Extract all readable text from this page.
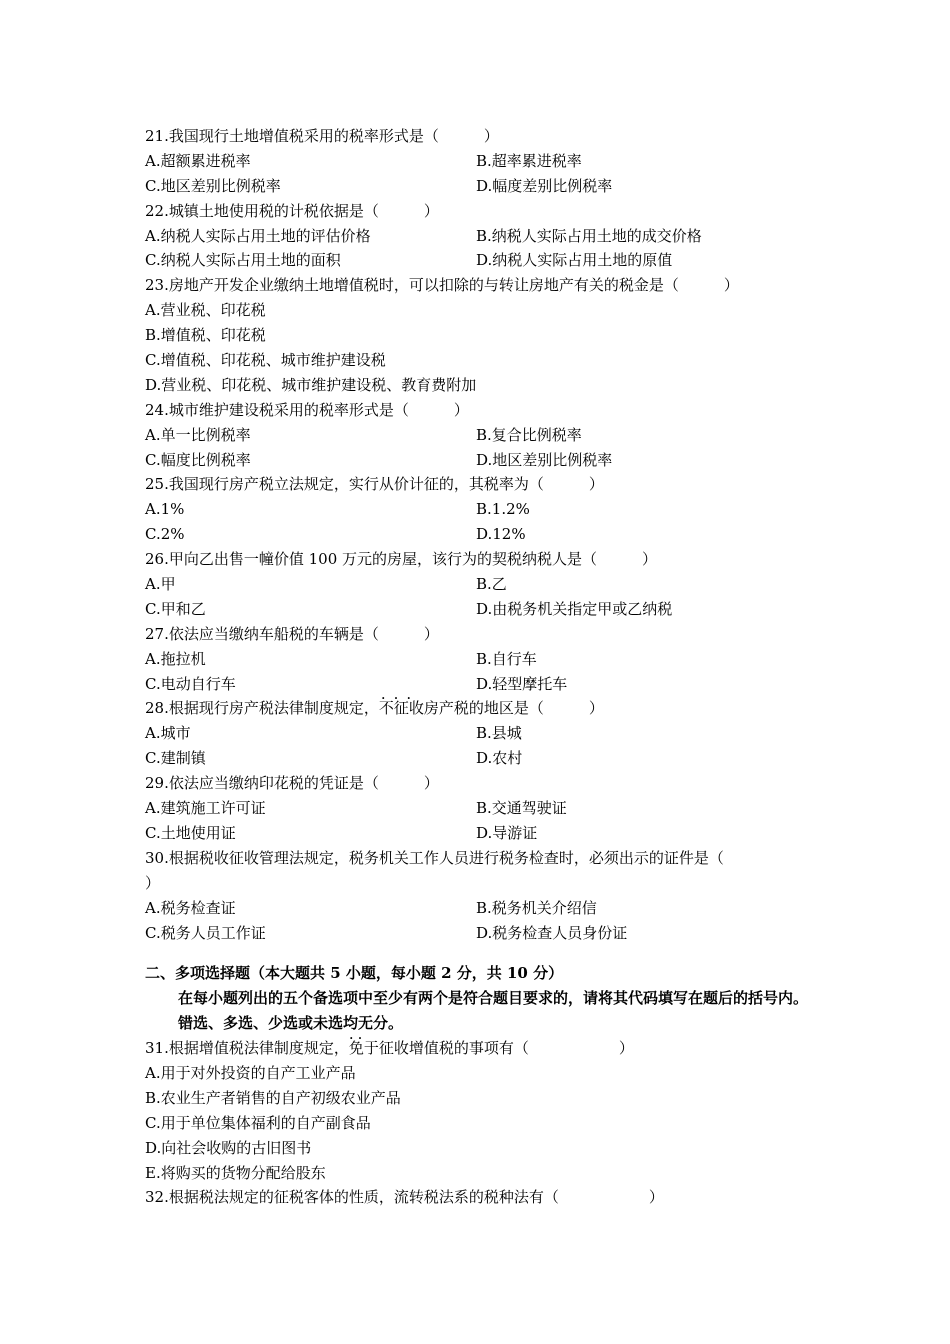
21.我国现行土地增值税采用的税率形式是（　　　）
A.超额累进税率	B.超率累进税率
C.地区差别比例税率	D.幅度差别比例税率
22.城镇土地使用税的计税依据是（　　　）
A.纳税人实际占用土地的评估价格	B.纳税人实际占用土地的成交价格
C.纳税人实际占用土地的面积	D.纳税人实际占用土地的原值
23.房地产开发企业缴纳土地增值税时，可以扣除的与转让房地产有关的税金是（　　　）
A.营业税、印花税
B.增值税、印花税
C.增值税、印花税、城市维护建设税
D.营业税、印花税、城市维护建设税、教育费附加
24.城市维护建设税采用的税率形式是（　　　）
A.单一比例税率	B.复合比例税率
C.幅度比例税率	D.地区差别比例税率
25.我国现行房产税立法规定，实行从价计征的，其税率为（　　　）
A.1%	B.1.2%
C.2%	D.12%
26.甲向乙出售一幢价值 100 万元的房屋，该行为的契税纳税人是（　　　）
A.甲	B.乙
C.甲和乙	D.由税务机关指定甲或乙纳税
27.依法应当缴纳车船税的车辆是（　　　）
A.拖拉机	B.自行车
C.电动自行车	D.轻型摩托车
28.根据现行房产税法律制度规定，不征收 ···房产税的地区是（　　　）
A.城市	B.县城
C.建制镇	D.农村
29.依法应当缴纳印花税的凭证是（　　　）
A.建筑施工许可证	B.交通驾驶证
C.土地使用证	D.导游证
30.根据税收征收管理法规定，税务机关工作人员进行税务检查时，必须出示的证件是（
）
A.税务检查证	B.税务机关介绍信
C.税务人员工作证	D.税务检查人员身份证
二、多项选择题（本大题共 5 小题，每小题 2 分，共 10 分）
在每小题列出的五个备选项中至少有两个是符合题目要求的，请将其代码填写在题后的括号内。错选、多选、少选或未选均无分。
31.根据增值税法律制度规定，免于 ··征收增值税的事项有（　　　　　　）
A.用于对外投资的自产工业产品
B.农业生产者销售的自产初级农业产品
C.用于单位集体福利的自产副食品
D.向社会收购的古旧图书
E.将购买的货物分配给股东
32.根据税法规定的征税客体的性质，流转税法系的税种法有（　　　　　　）
